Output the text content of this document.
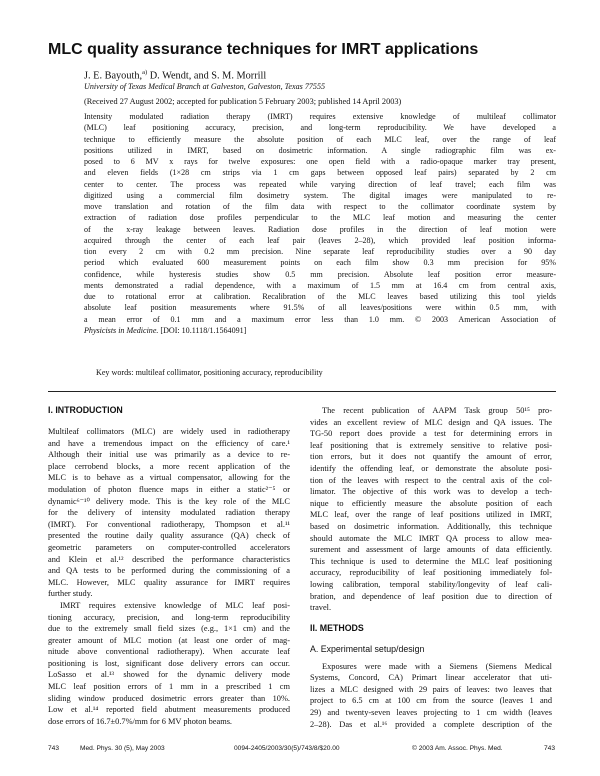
MLC quality assurance techniques for IMRT applications
J. E. Bayouth,$^{a)}$ D. Wendt, and S. M. Morrill
University of Texas Medical Branch at Galveston, Galveston, Texas 77555
(Received 27 August 2002; accepted for publication 5 February 2003; published 14 April 2003)
Intensity modulated radiation therapy (IMRT) requires extensive knowledge of multileaf collimator
(MLC) leaf positioning accuracy, precision, and long-term reproducibility. We have developed a
technique to efficiently measure the absolute position of each MLC leaf, over the range of leaf
positions utilized in IMRT, based on dosimetric information. A single radiographic film was ex-
posed to 6 MV x rays for twelve exposures: one open field with a radio-opaque marker tray present,
and eleven fields (1×28 cm strips via 1 cm gaps between opposed leaf pairs) separated by 2 cm
center to center. The process was repeated while varying direction of leaf travel; each film was
digitized using a commercial film dosimetry system. The digital images were manipulated to re-
move translation and rotation of the film data with respect to the collimator coordinate system by
extraction of radiation dose profiles perpendicular to the MLC leaf motion and measuring the center
of the x-ray leakage between leaves. Radiation dose profiles in the direction of leaf motion were
acquired through the center of each leaf pair (leaves 2–28), which provided leaf position informa-
tion every 2 cm with 0.2 mm precision. Nine separate leaf reproducibility studies over a 90 day
period which evaluated 600 measurement points on each film show 0.3 mm precision for 95%
confidence, while hysteresis studies show 0.5 mm precision. Absolute leaf position error measure-
ments demonstrated a radial dependence, with a maximum of 1.5 mm at 16.4 cm from central axis,
due to rotational error at calibration. Recalibration of the MLC leaves based utilizing this tool yields
absolute leaf position measurements where 91.5% of all leaves/positions were within 0.5 mm, with
a mean error of 0.1 mm and a maximum error less than 1.0 mm. © 2003 American Association of
Physicists in Medicine. [DOI: 10.1118/1.1564091]
Key words: multileaf collimator, positioning accuracy, reproducibility
I. INTRODUCTION
Multileaf collimators (MLC) are widely used in radiotherapy
and have a tremendous impact on the efficiency of care.¹
Although their initial use was primarily as a device to re-
place cerrobend blocks, a more recent application of the
MLC is to behave as a virtual compensator, allowing for the
modulation of photon fluence maps in either a static²⁻⁵ or
dynamic⁶⁻¹⁰ delivery mode. This is the key role of the MLC
for the delivery of intensity modulated radiation therapy
(IMRT). For conventional radiotherapy, Thompson et al.¹¹
presented the routine daily quality assurance (QA) check of
geometric parameters on computer-controlled accelerators
and Klein et al.¹² described the performance characteristics
and QA tests to be performed during the commissioning of a
MLC. However, MLC quality assurance for IMRT requires
further study.
IMRT requires extensive knowledge of MLC leaf posi-
tioning accuracy, precision, and long-term reproducibility
due to the extremely small field sizes (e.g., 1×1 cm) and the
greater amount of MLC motion (at least one order of mag-
nitude above conventional radiotherapy). When accurate leaf
positioning is lost, significant dose delivery errors can occur.
LoSasso et al.¹³ showed for the dynamic delivery mode
MLC leaf position errors of 1 mm in a prescribed 1 cm
sliding window produced dosimetric errors greater than 10%.
Low et al.¹⁴ reported field abutment measurements produced
dose errors of 16.7±0.7%/mm for 6 MV photon beams.
The recent publication of AAPM Task group 50¹⁵ pro-
vides an excellent review of MLC design and QA issues. The
TG-50 report does provide a test for determining errors in
leaf positioning that is extremely sensitive to relative posi-
tion errors, but it does not quantify the amount of error,
identify the offending leaf, or demonstrate the absolute posi-
tion of the leaves with respect to the central axis of the col-
limator. The objective of this work was to develop a tech-
nique to efficiently measure the absolute position of each
MLC leaf, over the range of leaf positions utilized in IMRT,
based on dosimetric information. Additionally, this technique
should automate the MLC IMRT QA process to allow mea-
surement and assessment of large amounts of data efficiently.
This technique is used to determine the MLC leaf positioning
accuracy, reproducibility of leaf positioning immediately fol-
lowing calibration, temporal stability/longevity of leaf cali-
bration, and dependence of leaf position due to direction of
travel.
II. METHODS
A. Experimental setup/design
Exposures were made with a Siemens (Siemens Medical
Systems, Concord, CA) Primart linear accelerator that uti-
lizes a MLC designed with 29 pairs of leaves: two leaves that
project to 6.5 cm at 100 cm from the source (leaves 1 and
29) and twenty-seven leaves projecting to 1 cm width (leaves
2–28). Das et al.¹⁶ provided a complete description of the
743	Med. Phys. 30 (5), May 2003	0094-2405/2003/30(5)/743/8/$20.00	© 2003 Am. Assoc. Phys. Med.	743
